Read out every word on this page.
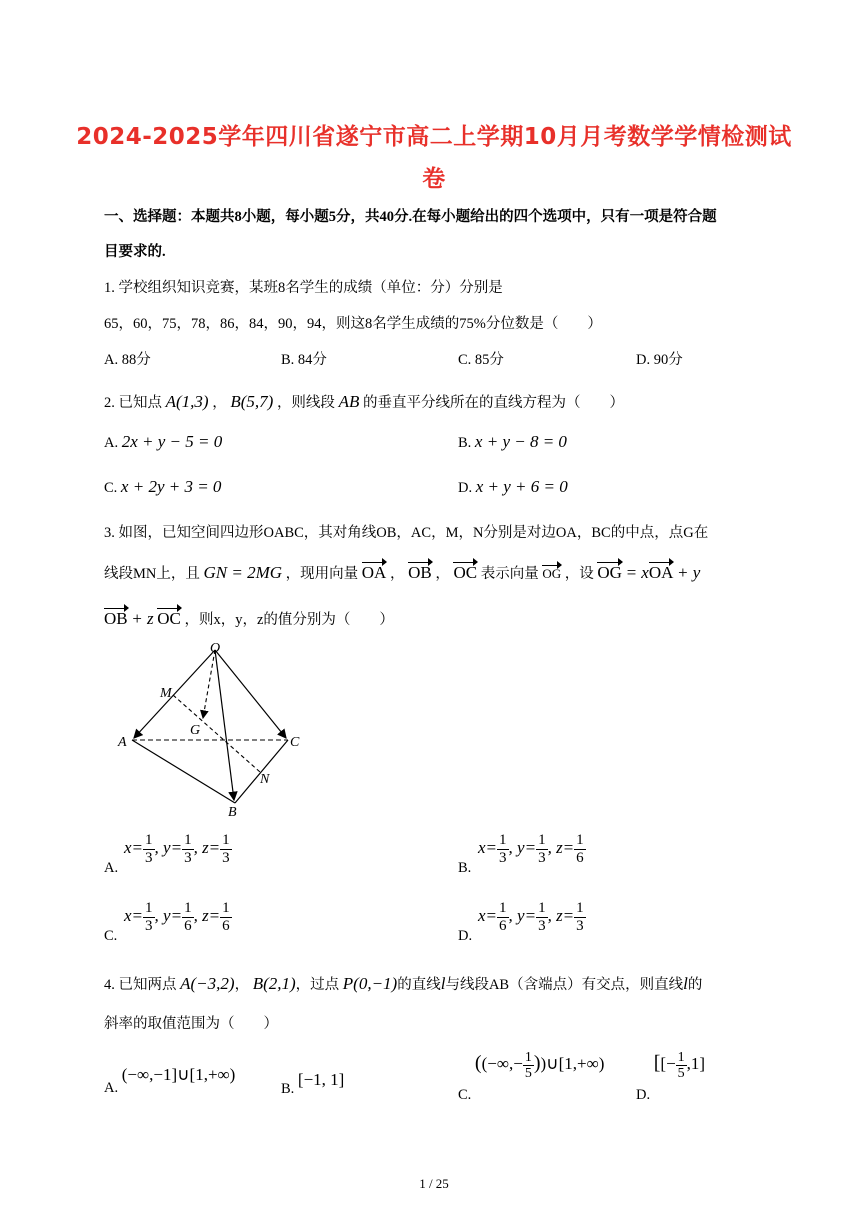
2024-2025学年四川省遂宁市高二上学期10月月考数学学情检测试
卷
一、选择题：本题共8小题，每小题5分，共40分.在每小题给出的四个选项中，只有一项是符合题
目要求的.
1. 学校组织知识竞赛，某班8名学生的成绩（单位：分）分别是
65，60，75，78，86，84，90，94，则这8名学生成绩的75%分位数是（　　）
A. 88分	B. 84分	C. 85分	D. 90分
2. 已知点 A(1,3) ， B(5,7) ，则线段 AB 的垂直平分线所在的直线方程为（　　）
A. 2x + y − 5 = 0	B. x + y − 8 = 0
C. x + 2y + 3 = 0	D. x + y + 6 = 0
3. 如图，已知空间四边形OABC，其对角线OB，AC，M，N分别是对边OA，BC的中点，点G在
线段MN上，且 GN = 2MG ，现用向量 OA ， OB ， OC 表示向量 OG ，设 OG = xOA + y
OB + z OC ，则x，y，z的值分别为（　　）
O
M
G
A	C
N
B
A.
$x= \frac{1}{3}$ , $y= \frac{1}{3}$ , $z= \frac{1}{3}$
B.
$x= \frac{1}{3}$ , $y= \frac{1}{3}$ , $z= \frac{1}{6}$
C.
$x= \frac{1}{3}$ , $y= \frac{1}{6}$ , $z= \frac{1}{6}$
D.
$x= \frac{1}{6}$ , $y= \frac{1}{3}$ , $z= \frac{1}{3}$
4. 已知两点 A(−3,2)， B(2,1)，过点 P(0,−1)的直线l与线段AB（含端点）有交点，则直线l的
斜率的取值范围为（　　）
A. (−∞,−1]∪[1,+∞)
B. [−1, 1]
C. ((−∞,− $\frac{1}{5}$ ))∪[1,+∞)
D. [[− $\frac{1}{5} ,1$]
1 / 25
